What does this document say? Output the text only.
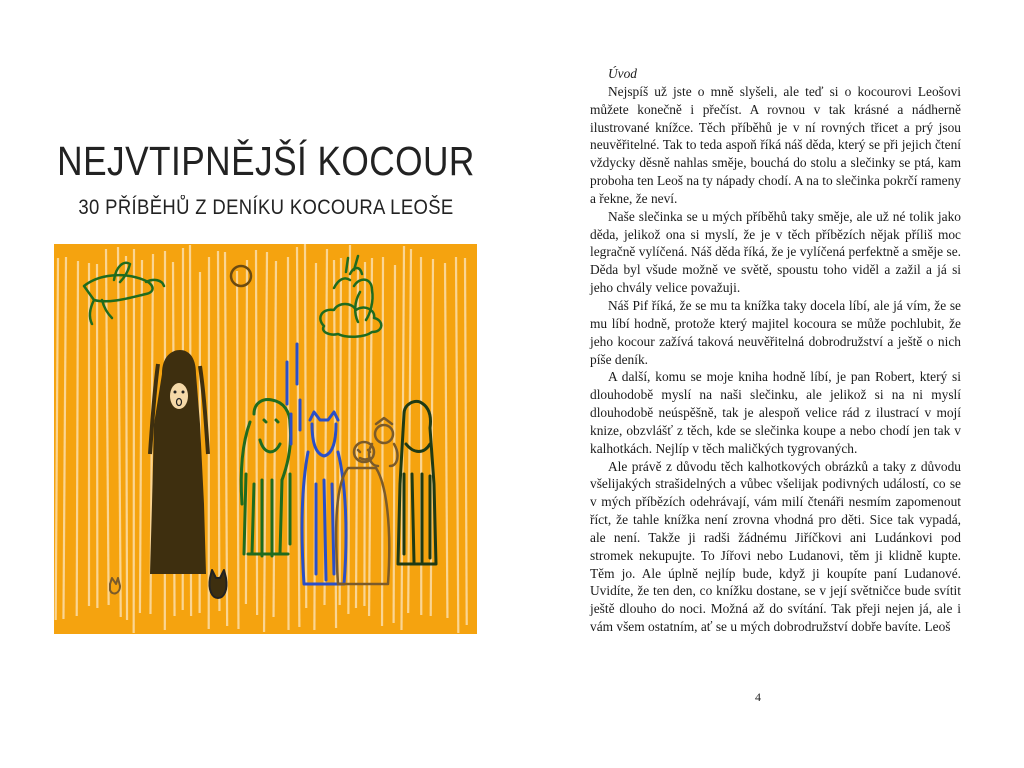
NEJVTIPNĚJŠÍ KOCOUR
30 PŘÍBĚHŮ Z DENÍKU KOCOURA LEOŠE
Úvod

Nejspíš už jste o mně slyšeli, ale teď si o kocourovi Leošovi můžete konečně i přečíst. A rovnou v tak krásné a nádherně ilustrované knížce. Těch příběhů je v ní rovných třicet a prý jsou neuvěřitelné. Tak to teda aspoň říká náš děda, který se při jejich čtení vždycky děsně nahlas směje, bouchá do stolu a slečinky se ptá, kam proboha ten Leoš na ty nápady chodí. A na to slečinka pokrčí rameny a řekne, že neví.

Naše slečinka se u mých příběhů taky směje, ale už né tolik jako děda, jelikož ona si myslí, že je v těch příbězích nějak příliš moc legračně vylíčená. Náš děda říká, že je vylíčená perfektně a směje se. Děda byl všude možně ve světě, spoustu toho viděl a zažil a já si jeho chvály velice považuji.

Náš Pif říká, že se mu ta knížka taky docela líbí, ale já vím, že se mu líbí hodně, protože který majitel kocoura se může pochlubit, že jeho kocour zažívá taková neuvěřitelná dobrodružství a ještě o nich píše deník.

A další, komu se moje kniha hodně líbí, je pan Robert, který si dlouhodobě myslí na naši slečinku, ale jelikož si na ni myslí dlouhodobě neúspěšně, tak je alespoň velice rád z ilustrací v mojí knize, obzvlášť z těch, kde se slečinka koupe a nebo chodí jen tak v kalhotkách. Nejlíp v těch maličkých tygrovaných.

Ale právě z důvodu těch kalhotkových obrázků a taky z důvodu všelijakých strašidelných a vůbec všelijak podivných událostí, co se v mých příbězích odehrávají, vám milí čtenáři nesmím zapomenout říct, že tahle knížka není zrovna vhodná pro děti. Sice tak vypadá, ale není. Takže ji radši žádnému Jiříčkovi ani Ludánkovi pod stromek nekupujte. To Jířovi nebo Ludanovi, těm ji klidně kupte. Těm jo. Ale úplně nejlíp bude, když ji koupíte paní Ludanové. Uvidíte, že ten den, co knížku dostane, se v její světničce bude svítit ještě dlouho do noci. Možná až do svítání. Tak přeji nejen já, ale i vám všem ostatním, ať se u mých dobrodružství dobře bavíte. Leoš

4
